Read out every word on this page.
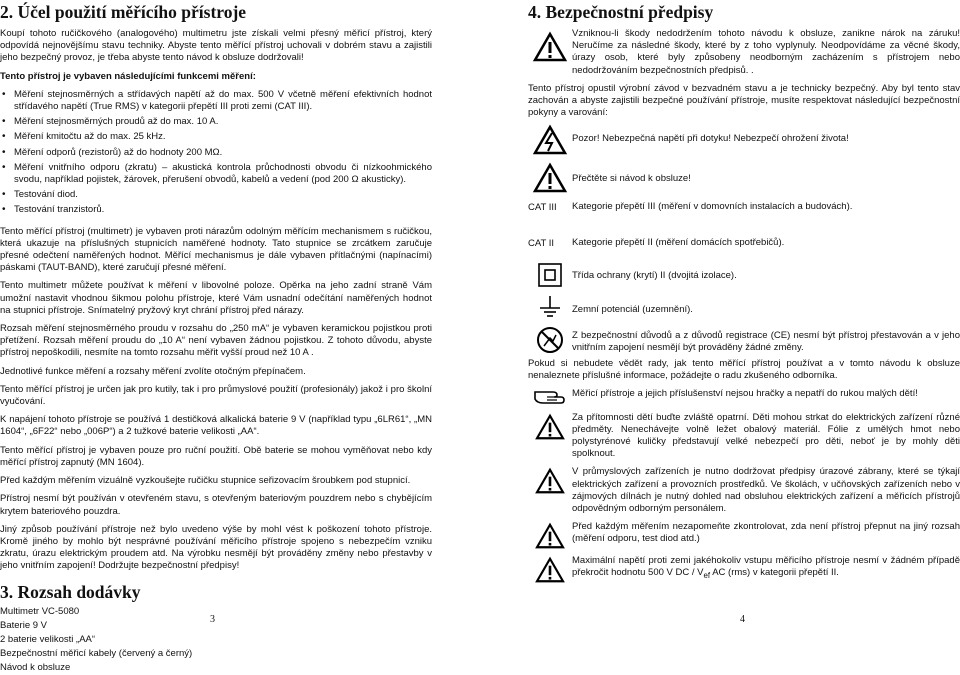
2. Účel použití měřícího přístroje

Koupí tohoto ručičkového (analogového) multimetru jste získali velmi přesný měřicí přístroj, který odpovídá nejnovějšímu stavu techniky. Abyste tento měřící přístroj uchovali v dobrém stavu a zajistili jeho bezpečný provoz, je třeba abyste tento návod k obsluze dodržovali!

Tento přístroj je vybaven následujícími funkcemi měření:

• Měření stejnosměrných a střídavých napětí až do max. 500 V včetně měření efektivních hodnot střídavého napětí (True RMS) v kategorii přepětí III proti zemi (CAT III).
• Měření stejnosměrných proudů až do max. 10 A.
• Měření kmitočtu až do max. 25 kHz.
• Měření odporů (rezistorů) až do hodnoty 200 MΩ.
• Měření vnitřního odporu (zkratu) – akustická kontrola průchodnosti obvodu či nízkoohmického svodu, například pojistek, žárovek, přerušení obvodů, kabelů a vedení (pod 200 Ω akusticky).
• Testování diod.
• Testování tranzistorů.

Tento měřící přístroj (multimetr) je vybaven proti nárazům odolným měřícím mechanismem s ručičkou, která ukazuje na příslušných stupnicích naměřené hodnoty. Tato stupnice se zrcátkem zaručuje přesné odečtení naměřených hodnot. Měřící mechanismus je dále vybaven přítlačnými (napínacími) páskami (TAUT-BAND), které zaručují přesné měření.

Tento multimetr můžete používat k měření v libovolné poloze. Opěrka na jeho zadní straně Vám umožní nastavit vhodnou šikmou polohu přístroje, které Vám usnadní odečítání naměřených hodnot na stupnici přístroje. Snímatelný pryžový kryt chrání přístroj před nárazy.

Rozsah měření stejnosměrného proudu v rozsahu do „250 mA“ je vybaven keramickou pojistkou proti přetížení. Rozsah měření proudu do „10 A“ není vybaven žádnou pojistkou. Z tohoto důvodu, abyste přístroj nepoškodili, nesmíte na tomto rozsahu měřit vyšší proud než 10 A .

Jednotlivé funkce měření a rozsahy měření zvolíte otočným přepínačem.

Tento měřící přístroj je určen jak pro kutily, tak i pro průmyslové použití (profesionály) jakož i pro školní vyučování.

K napájení tohoto přístroje se používá 1 destičková alkalická baterie 9 V (například typu „6LR61“, „MN 1604“, „6F22“ nebo „006P“) a 2 tužkové baterie velikosti „AA“.

Tento měřící přístroj je vybaven pouze pro ruční použití. Obě baterie se mohou vyměňovat nebo kdy měřící přístroj zapnutý (MN 1604).

Před každým měřením vizuálně vyzkoušejte ručičku stupnice seřizovacím šroubkem pod stupnicí.

Přístroj nesmí být používán v otevřeném stavu, s otevřeným bateriovým pouzdrem nebo s chybějícím krytem bateriového pouzdra.

Jiný způsob používání přístroje než bylo uvedeno výše by mohl vést k poškození tohoto přístroje. Kromě jiného by mohlo být nesprávné používání měřicího přístroje spojeno s nebezpečím vzniku zkratu, úrazu elektrickým proudem atd. Na výrobku nesmějí být prováděny změny nebo přestavby v jeho vnitřním zapojení! Dodržujte bezpečnostní předpisy!

3. Rozsah dodávky

Multimetr VC-5080

Baterie 9 V

2 baterie velikosti „AA“

Bezpečnostní měřicí kabely (červený a černý)

Návod k obsluze

3
4. Bezpečnostní předpisy
Vzniknou-li škody nedodržením tohoto návodu k obsluze, zanikne nárok na záruku! Neručíme za následné škody, které by z toho vyplynuly. Neodpovídáme za věcné škody, úrazy osob, které byly způsobeny neodborným zacházením s přístrojem nebo nedodržováním bezpečnostních předpisů. .

Tento přístroj opustil výrobní závod v bezvadném stavu a je technicky bezpečný. Aby byl tento stav zachován a abyste zajistili bezpečné používání přístroje, musíte respektovat následující bezpečnostní pokyny a varování:

Pozor! Nebezpečná napětí při dotyku! Nebezpečí ohrožení života!
Přečtěte si návod k obsluze!
CAT III	Kategorie přepětí III (měření v domovních instalacích a budovách).
CAT II	Kategorie přepětí II (měření domácích spotřebičů).
Třída ochrany (krytí) II (dvojitá izolace).
Zemní potenciál (uzemnění).
Z bezpečnostní důvodů a z důvodů registrace (CE) nesmí být přístroj přestavován a v jeho vnitřním zapojení nesmějí být prováděny žádné změny.

Pokud si nebudete vědět rady, jak tento měřící přístroj používat a v tomto návodu k obsluze nenaleznete příslušné informace, požádejte o radu zkušeného odborníka.

Měřicí přístroje a jejich příslušenství nejsou hračky a nepatří do rukou malých dětí!
Za přítomnosti dětí buďte zvláště opatrní. Děti mohou strkat do elektrických zařízení různé předměty. Nenechávejte volně ležet obalový materiál. Fólie z umělých hmot nebo polystyrénové kuličky představují velké nebezpečí pro děti, neboť je by mohly děti spolknout.
V průmyslových zařízeních je nutno dodržovat předpisy úrazové zábrany, které se týkají elektrických zařízení a provozních prostředků. Ve školách, v učňovských zařízeních nebo v zájmových dílnách je nutný dohled nad obsluhou elektrických zařízení a měřicích přístrojů odpovědným odborným personálem.
Před každým měřením nezapomeňte zkontrolovat, zda není přístroj přepnut na jiný rozsah (měření odporu, test diod atd.)
Maximální napětí proti zemi jakéhokoliv vstupu měřicího přístroje nesmí v žádném případě překročit hodnotu 500 V DC / $V_{ef}$ AC (rms) v kategorii přepětí II.
4
